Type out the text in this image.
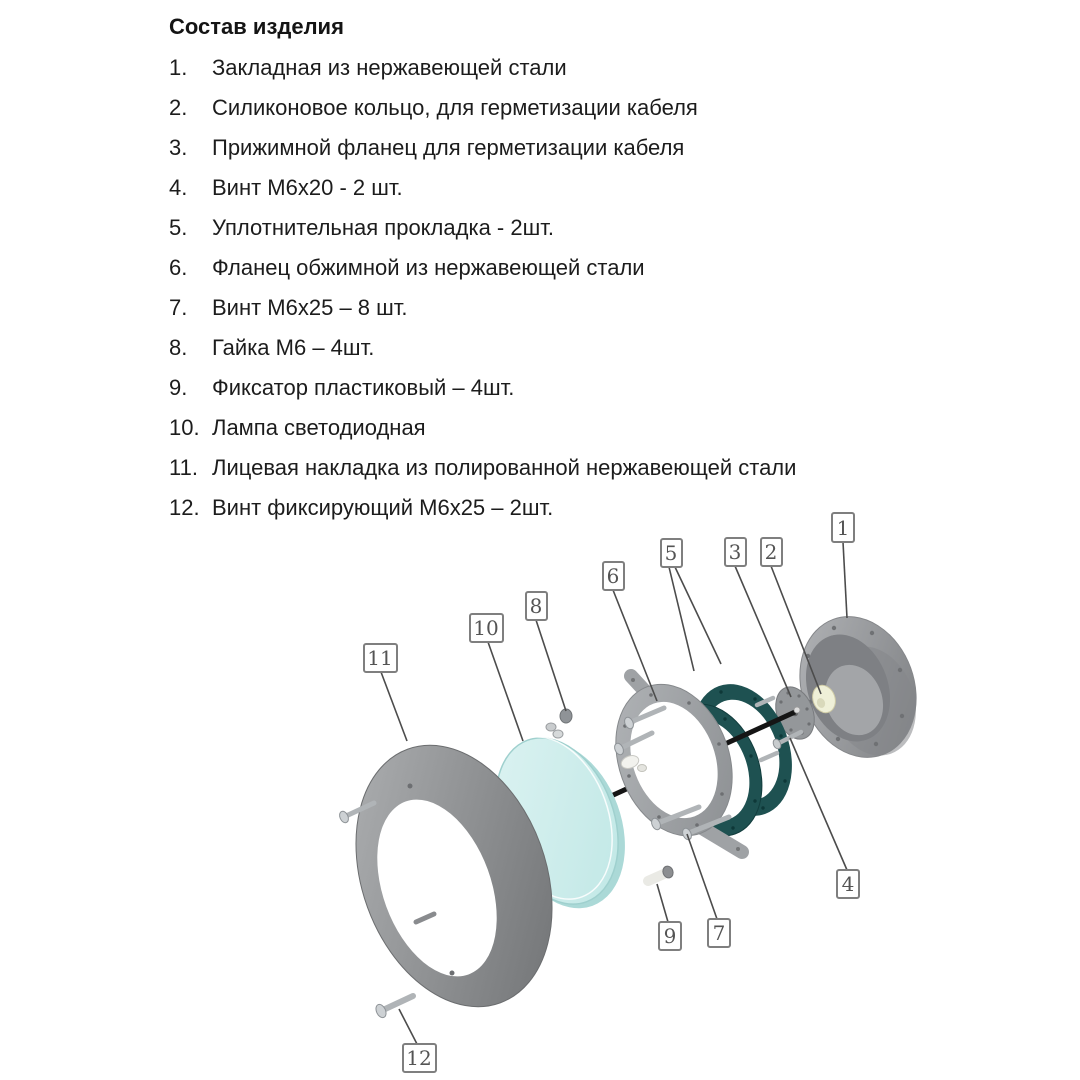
Состав изделия
1.	Закладная из нержавеющей стали
2.	Силиконовое кольцо, для герметизации кабеля
3.	Прижимной фланец для герметизации кабеля
4.	Винт М6х20 - 2 шт.
5.	Уплотнительная прокладка - 2шт.
6.	Фланец обжимной из нержавеющей стали
7.	Винт М6х25 – 8 шт.
8.	Гайка М6 – 4шт.
9.	Фиксатор пластиковый – 4шт.
10. Лампа светодиодная
11. Лицевая накладка из полированной нержавеющей стали
12. Винт фиксирующий М6х25 – 2шт.
1
2
3
5
6
8
10
11
4
7
9
12
